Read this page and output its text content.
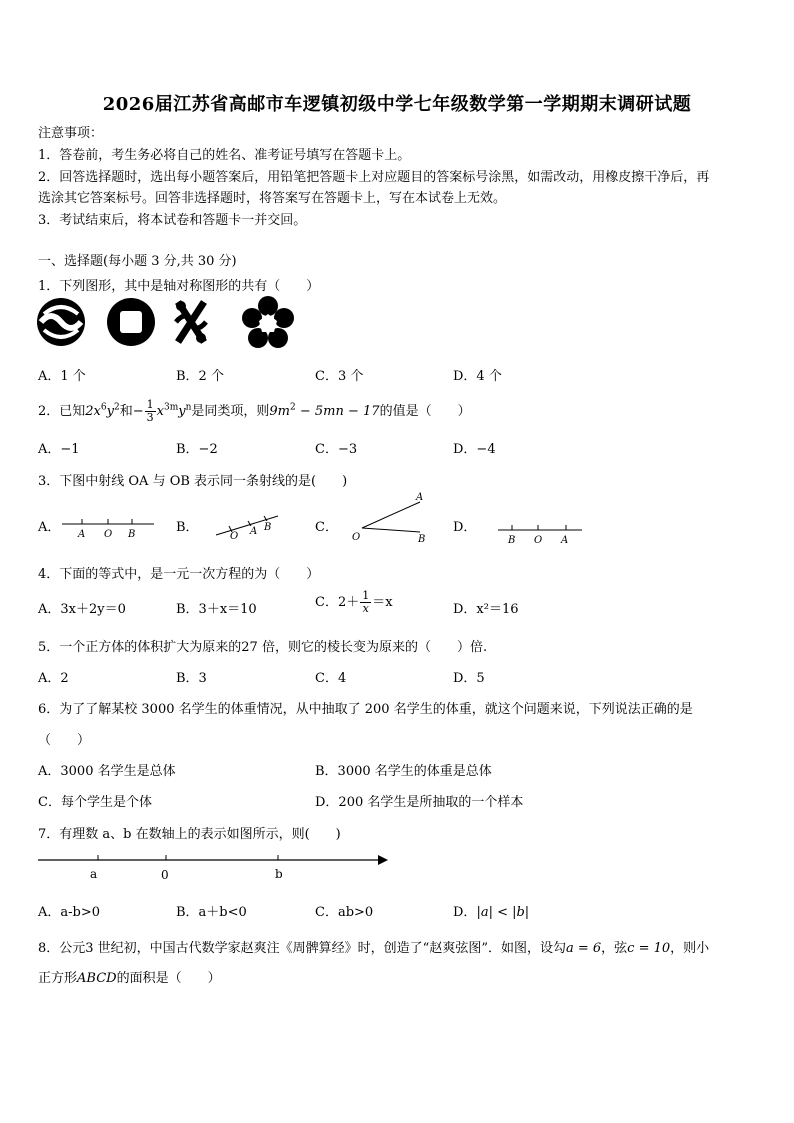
2026届江苏省高邮市车逻镇初级中学七年级数学第一学期期末调研试题
注意事项：
1．答卷前，考生务必将自己的姓名、准考证号填写在答题卡上。
2．回答选择题时，选出每小题答案后，用铅笔把答题卡上对应题目的答案标号涂黑，如需改动，用橡皮擦干净后，再
选涂其它答案标号。回答非选择题时，将答案写在答题卡上，写在本试卷上无效。
3．考试结束后，将本试卷和答题卡一并交回。
一、选择题(每小题 3 分,共 30 分)
1．下列图形，其中是轴对称图形的共有（　　）
A．1 个	B．2 个	C．3 个	D．4 个
2．已知$2x^6y^2$和− $\frac{1}{3} x^{3m}y^n$是同类项，则$9m^2 - 5mn - 17$的值是（　　）
A．−1	B．−2	C．−3	D．−4
3．下图中射线 OA 与 OB 表示同一条射线的是(　　)
A．	B．	C．	D．
A O B	O A B
A
O	B	B O A
4．下面的等式中，是一元一次方程的为（　　）
A．3x＋2y＝0	B．3＋x＝10	C．$2+ \frac{1}{x} =x$	D．x²＝16
5．一个正方体的体积扩大为原来的27 倍，则它的棱长变为原来的（　　）倍.
A．2	B．3	C．4	D．5
6．为了了解某校 3000 名学生的体重情况，从中抽取了 200 名学生的体重，就这个问题来说，下列说法正确的是
（　　）
A．3000 名学生是总体	B．3000 名学生的体重是总体
C．每个学生是个体	D．200 名学生是所抽取的一个样本
7．有理数 a、b 在数轴上的表示如图所示，则(　　)
a	0	b
A．a-b>0	B．a＋b<0	C．ab>0	D．|a| < |b|
8．公元3 世纪初，中国古代数学家赵爽注《周髀算经》时，创造了“赵爽弦图”．如图，设勾a = 6，弦c = 10，则小
正方形ABCD的面积是（　　）
